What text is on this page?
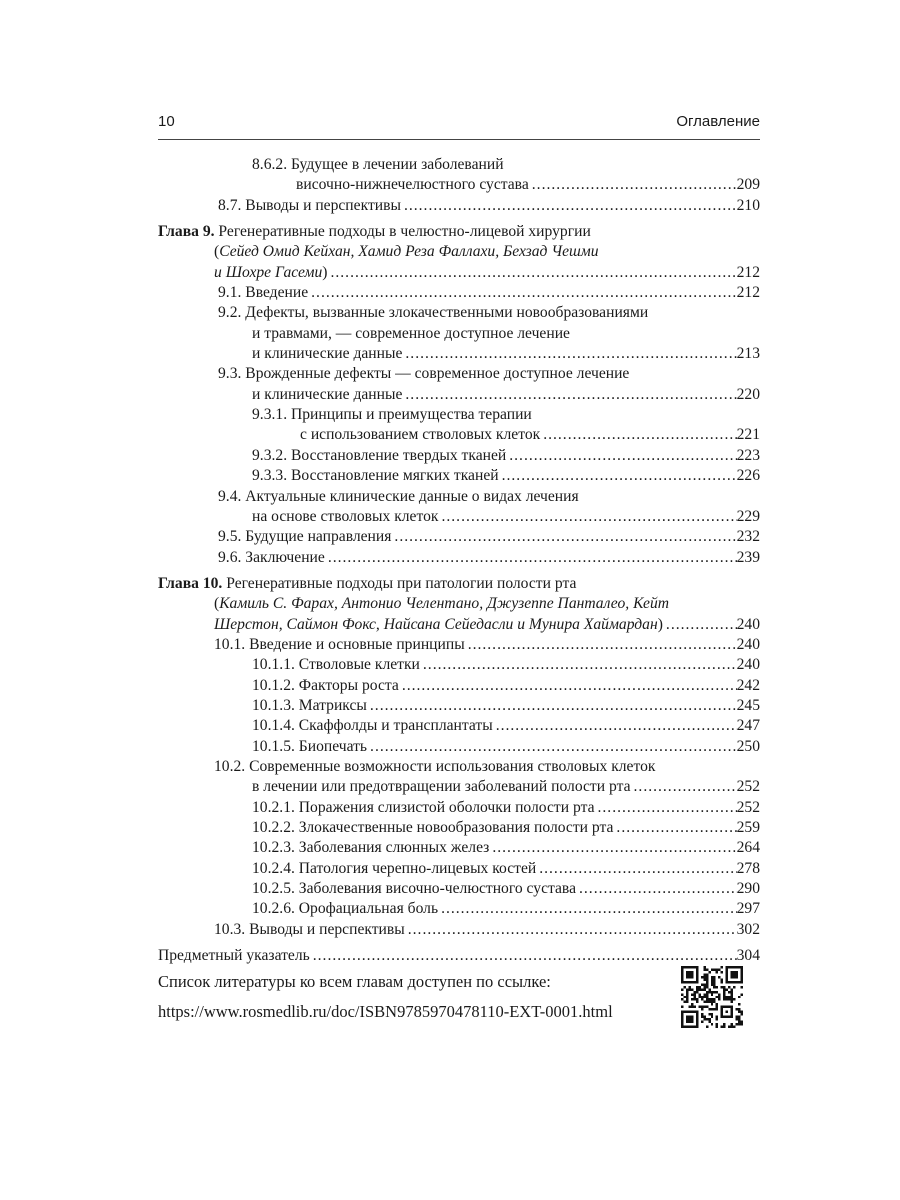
10	Оглавление
8.6.2. Будущее в лечении заболеваний
височно-нижнечелюстного сустава .....	209
8.7. Выводы и перспективы .....	210
Глава 9. Регенеративные подходы в челюстно-лицевой хирургии
(Сейед Омид Кейхан, Хамид Реза Фаллахи, Бехзад Чешми
и Шохре Гасеми) .....	212
9.1. Введение .....	212
9.2. Дефекты, вызванные злокачественными новообразованиями
и травмами, — современное доступное лечение
и клинические данные .....	213
9.3. Врожденные дефекты — современное доступное лечение
и клинические данные .....	220
9.3.1. Принципы и преимущества терапии
с использованием стволовых клеток .....	221
9.3.2. Восстановление твердых тканей .....	223
9.3.3. Восстановление мягких тканей .....	226
9.4. Актуальные клинические данные о видах лечения
на основе стволовых клеток .....	229
9.5. Будущие направления .....	232
9.6. Заключение .....	239
Глава 10. Регенеративные подходы при патологии полости рта
(Камиль С. Фарах, Антонио Челентано, Джузеппе Панталео, Кейт
Шерстон, Саймон Фокс, Найсана Сейедасли и Мунира Хаймардан) .....	240
10.1. Введение и основные принципы .....	240
10.1.1. Стволовые клетки .....	240
10.1.2. Факторы роста .....	242
10.1.3. Матриксы .....	245
10.1.4. Скаффолды и трансплантаты .....	247
10.1.5. Биопечать .....	250
10.2. Современные возможности использования стволовых клеток
в лечении или предотвращении заболеваний полости рта .....	252
10.2.1. Поражения слизистой оболочки полости рта .....	252
10.2.2. Злокачественные новообразования полости рта .....	259
10.2.3. Заболевания слюнных желез .....	264
10.2.4. Патология черепно-лицевых костей .....	278
10.2.5. Заболевания височно-челюстного сустава .....	290
10.2.6. Орофациальная боль .....	297
10.3. Выводы и перспективы .....	302
Предметный указатель .....	304
Список литературы ко всем главам доступен по ссылке:
https://www.rosmedlib.ru/doc/ISBN9785970478110-EXT-0001.html
